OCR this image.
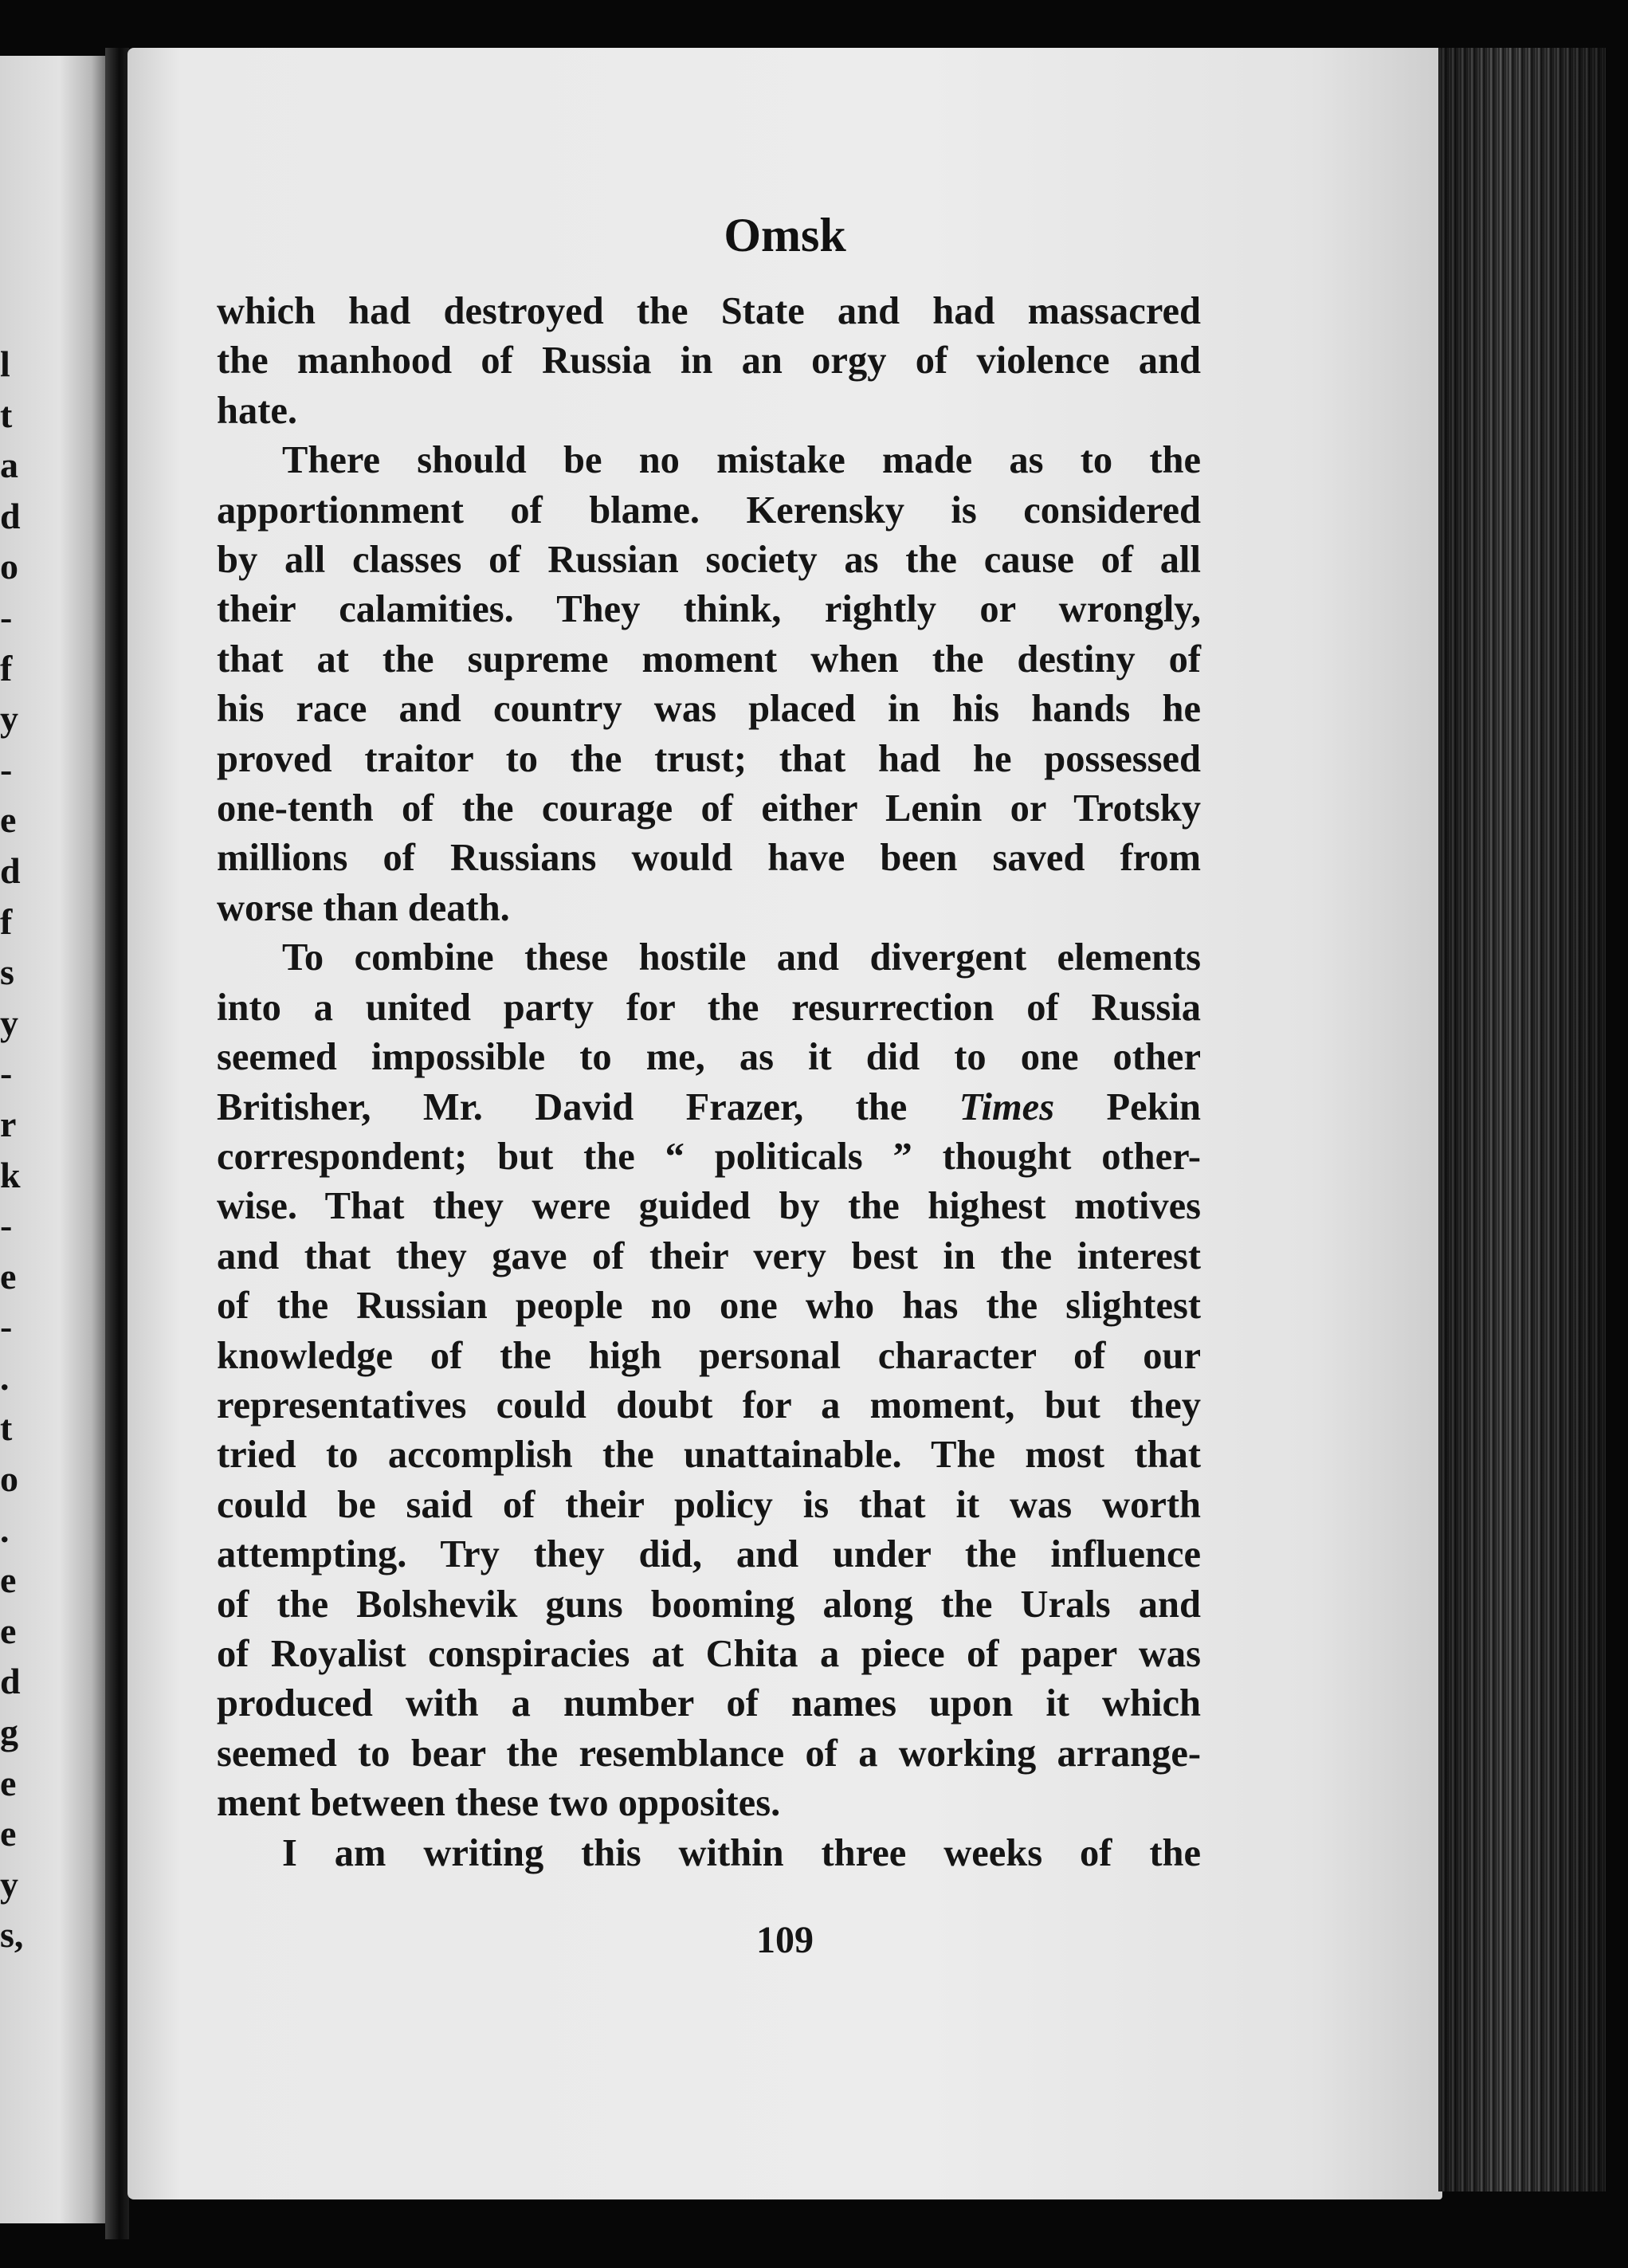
l
t
a
d
o
-
f
y
-
e
d
f
s
y
-
r
k
-
e
-
.
t
o
.
e
e
d
g
e
e
y
s,
Omsk

which had destroyed the State and had massacred
the manhood of Russia in an orgy of violence and
hate.

There should be no mistake made as to the
apportionment of blame. Kerensky is considered
by all classes of Russian society as the cause of all
their calamities. They think, rightly or wrongly,
that at the supreme moment when the destiny of
his race and country was placed in his hands he
proved traitor to the trust; that had he possessed
one-tenth of the courage of either Lenin or Trotsky
millions of Russians would have been saved from
worse than death.

To combine these hostile and divergent elements
into a united party for the resurrection of Russia
seemed impossible to me, as it did to one other
Britisher, Mr. David Frazer, the Times Pekin
correspondent; but the “ politicals ” thought other-
wise. That they were guided by the highest motives
and that they gave of their very best in the interest
of the Russian people no one who has the slightest
knowledge of the high personal character of our
representatives could doubt for a moment, but they
tried to accomplish the unattainable. The most that
could be said of their policy is that it was worth
attempting. Try they did, and under the influence
of the Bolshevik guns booming along the Urals and
of Royalist conspiracies at Chita a piece of paper was
produced with a number of names upon it which
seemed to bear the resemblance of a working arrange-
ment between these two opposites.

I am writing this within three weeks of the

109
